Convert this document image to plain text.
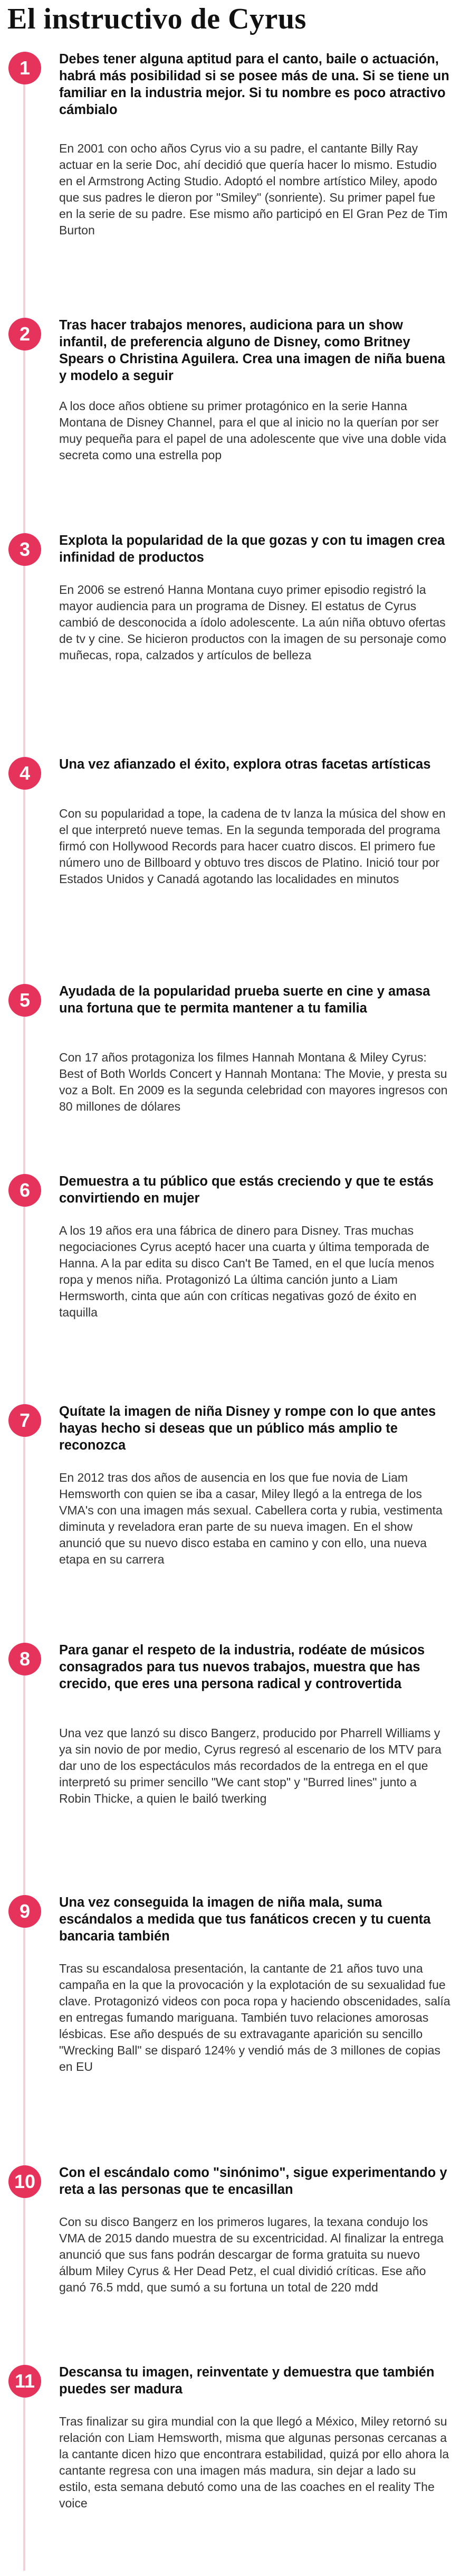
El instructivo de Cyrus
1	Debes tener alguna aptitud para el canto, baile o actuación, habrá más posibilidad si se posee más de una. Si se tiene un familiar en la industria mejor. Si tu nombre es poco atractivo cámbialo

En 2001 con ocho años Cyrus vio a su padre, el cantante Billy Ray actuar en la serie Doc, ahí decidió que quería hacer lo mismo. Estudio en el Armstrong Acting Studio. Adoptó el nombre artístico Miley, apodo que sus padres le dieron por "Smiley" (sonriente). Su primer papel fue en la serie de su padre. Ese mismo año participó en El Gran Pez de Tim Burton

2	Tras hacer trabajos menores, audiciona para un show infantil, de preferencia alguno de Disney, como Britney Spears o Christina Aguilera. Crea una imagen de niña buena y modelo a seguir

A los doce años obtiene su primer protagónico en la serie Hanna Montana de Disney Channel, para el que al inicio no la querían por ser muy pequeña para el papel de una adolescente que vive una doble vida secreta como una estrella pop

3	Explota la popularidad de la que gozas y con tu imagen crea infinidad de productos

En 2006 se estrenó Hanna Montana cuyo primer episodio registró la mayor audiencia para un programa de Disney. El estatus de Cyrus cambió de desconocida a ídolo adolescente. La aún niña obtuvo ofertas de tv y cine. Se hicieron productos con la imagen de su personaje como muñecas, ropa, calzados y artículos de belleza

4	Una vez afianzado el éxito, explora otras facetas artísticas

Con su popularidad a tope, la cadena de tv lanza la música del show en el que interpretó nueve temas. En la segunda temporada del programa firmó con Hollywood Records para hacer cuatro discos. El primero fue número uno de Billboard y obtuvo tres discos de Platino. Inició tour por Estados Unidos y Canadá agotando las localidades en minutos

5	Ayudada de la popularidad prueba suerte en cine y amasa una fortuna que te permita mantener a tu familia

Con 17 años protagoniza los filmes Hannah Montana & Miley Cyrus: Best of Both Worlds Concert y Hannah Montana: The Movie, y presta su voz a Bolt. En 2009 es la segunda celebridad con mayores ingresos con 80 millones de dólares

6	Demuestra a tu público que estás creciendo y que te estás convirtiendo en mujer

A los 19 años era una fábrica de dinero para Disney. Tras muchas negociaciones Cyrus aceptó hacer una cuarta y última temporada de Hanna. A la par edita su disco Can't Be Tamed, en el que lucía menos ropa y menos niña. Protagonizó La última canción junto a Liam Hermsworth, cinta que aún con críticas negativas gozó de éxito en taquilla

7	Quítate la imagen de niña Disney y rompe con lo que antes hayas hecho si deseas que un público más amplio te reconozca

En 2012 tras dos años de ausencia en los que fue novia de Liam Hemsworth con quien se iba a casar, Miley llegó a la entrega de los VMA's con una imagen más sexual. Cabellera corta y rubia, vestimenta diminuta y reveladora eran parte de su nueva imagen. En el show anunció que su nuevo disco estaba en camino y con ello, una nueva etapa en su carrera

8	Para ganar el respeto de la industria, rodéate de músicos consagrados para tus nuevos trabajos, muestra que has crecido, que eres una persona radical y controvertida

Una vez que lanzó su disco Bangerz, producido por Pharrell Williams y ya sin novio de por medio, Cyrus regresó al escenario de los MTV para dar uno de los espectáculos más recordados de la entrega en el que interpretó su primer sencillo "We cant stop" y "Burred lines" junto a Robin Thicke, a quien le bailó twerking

9	Una vez conseguida la imagen de niña mala, suma escándalos a medida que tus fanáticos crecen y tu cuenta bancaria también

Tras su escandalosa presentación, la cantante de 21 años tuvo una campaña en la que la provocación y la explotación de su sexualidad fue clave. Protagonizó videos con poca ropa y haciendo obscenidades, salía en entregas fumando mariguana. También tuvo relaciones amorosas lésbicas. Ese año después de su extravagante aparición su sencillo "Wrecking Ball" se disparó 124% y vendió más de 3 millones de copias en EU

10	Con el escándalo como "sinónimo", sigue experimentando y reta a las personas que te encasillan

Con su disco Bangerz en los primeros lugares, la texana condujo los VMA de 2015 dando muestra de su excentricidad. Al finalizar la entrega anunció que sus fans podrán descargar de forma gratuita su nuevo álbum Miley Cyrus & Her Dead Petz, el cual dividió críticas. Ese año ganó 76.5 mdd, que sumó a su fortuna un total de 220 mdd

11	Descansa tu imagen, reinventate y demuestra que también puedes ser madura

Tras finalizar su gira mundial con la que llegó a México, Miley retornó su relación con Liam Hemsworth, misma que algunas personas cercanas a la cantante dicen hizo que encontrara estabilidad, quizá por ello ahora la cantante regresa con una imagen más madura, sin dejar a lado su estilo, esta semana debutó como una de las coaches en el reality The voice
